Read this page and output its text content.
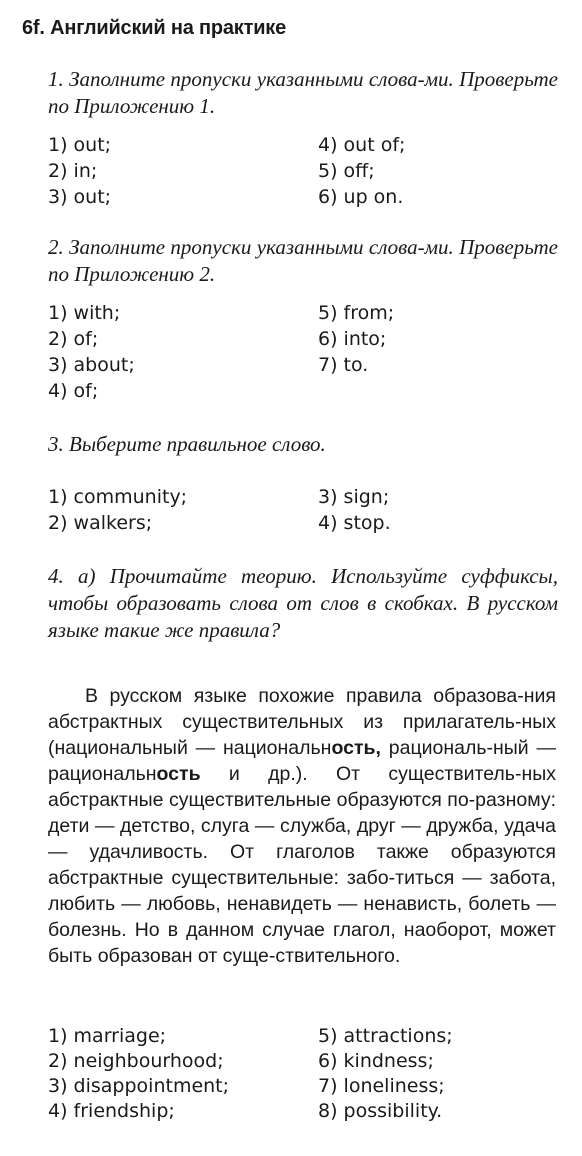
6f. Английский на практике
1. Заполните пропуски указанными слова-ми. Проверьте по Приложению 1.
1) out;
2) in;
3) out;
4) out of;
5) off;
6) up on.
2. Заполните пропуски указанными слова-ми. Проверьте по Приложению 2.
1) with;
2) of;
3) about;
4) of;
5) from;
6) into;
7) to.
3. Выберите правильное слово.
1) community;
2) walkers;
3) sign;
4) stop.
4. а) Прочитайте теорию. Используйте суффиксы, чтобы образовать слова от слов в скобках. В русском языке такие же правила?
В русском языке похожие правила образова-ния абстрактных существительных из прилагатель-ных (национальный — национальность, рациональ-ный — рациональность и др.). От существитель-ных абстрактные существительные образуются по-разному: дети — детство, слуга — служба, друг — дружба, удача — удачливость. От глаголов также образуются абстрактные существительные: забо-титься — забота, любить — любовь, ненавидеть — ненависть, болеть — болезнь. Но в данном случае глагол, наоборот, может быть образован от суще-ствительного.
1) marriage;
2) neighbourhood;
3) disappointment;
4) friendship;
5) attractions;
6) kindness;
7) loneliness;
8) possibility.
